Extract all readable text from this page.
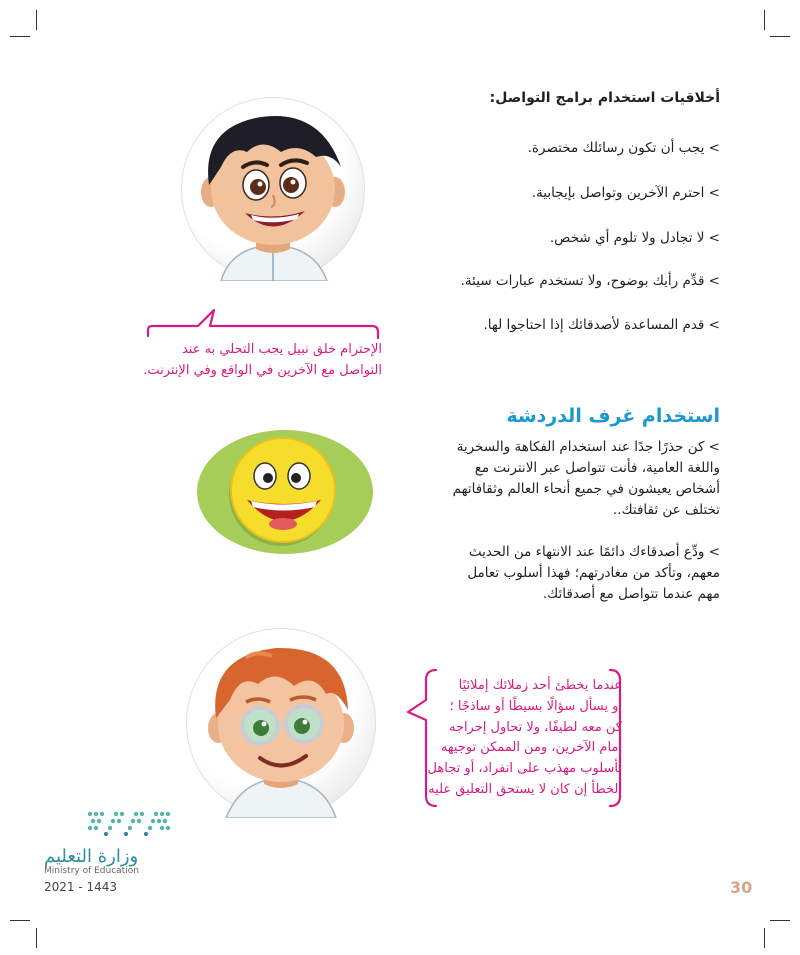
أخلاقيات استخدام برامج التواصل:
> يجب أن تكون رسائلك مختصرة.
> احترم الآخرين وتواصل بإيجابية.
> لا تجادل ولا تلوم أي شخص.
> قدِّم رأيك بوضوح، ولا تستخدم عبارات سيئة.
> قدم المساعدة لأصدقائك إذا احتاجوا لها.
الإحترام خلق نبيل يجب التحلي به عند
التواصل مع الآخرين في الواقع وفي الإنترنت.
استخدام غرف الدردشة
> كن حذرًا جدًا عند استخدام الفكاهة والسخرية
واللغة العامية، فأنت تتواصل عبر الانترنت مع
أشخاص يعيشون في جميع أنحاء العالم وثقافاتهم
تختلف عن ثقافتك..
> ودِّع أصدقاءك دائمًا عند الانتهاء من الحديث
معهم، وتأكد من مغادرتهم؛ فهذا أسلوب تعامل
مهم عندما تتواصل مع أصدقائك.
عندما يخطئ أحد زملائك إملائيًا
أو يسأل سؤالًا بسيطًا أو ساذجًا ؛
كن معه لطيفًا، ولا تحاول إحراجه
أمام الآخرين، ومن الممكن توجيهه
بأسلوب مهذب على انفراد، أو تجاهل
الخطأ إن كان لا يستحق التعليق عليه.
وزارة التعليم
Ministry of Education
2021 - 1443	30
